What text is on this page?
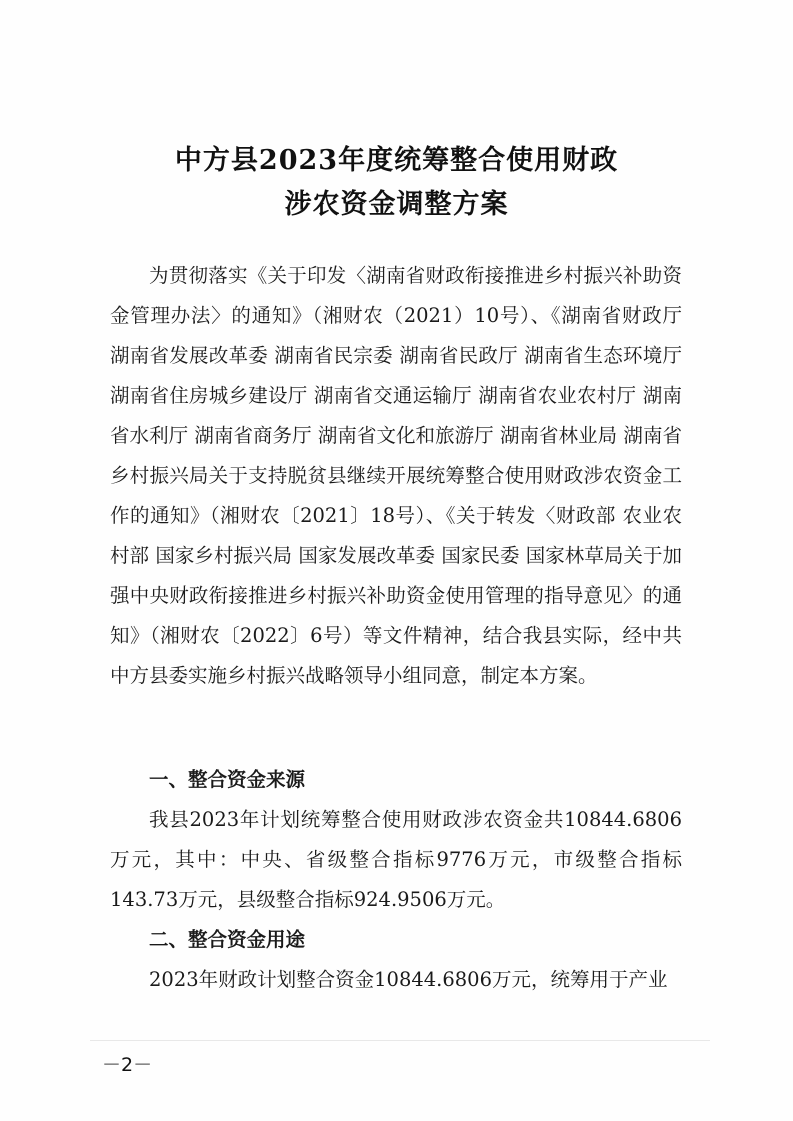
中方县2023年度统筹整合使用财政
涉农资金调整方案

为贯彻落实《关于印发〈湖南省财政衔接推进乡村振兴补助资金管理办法〉的通知》（湘财农（2021）10号）、《湖南省财政厅 湖南省发展改革委 湖南省民宗委 湖南省民政厅 湖南省生态环境厅 湖南省住房城乡建设厅 湖南省交通运输厅 湖南省农业农村厅 湖南省水利厅 湖南省商务厅 湖南省文化和旅游厅 湖南省林业局 湖南省乡村振兴局关于支持脱贫县继续开展统筹整合使用财政涉农资金工作的通知》（湘财农〔2021〕18号）、《关于转发〈财政部 农业农村部 国家乡村振兴局 国家发展改革委 国家民委 国家林草局关于加强中央财政衔接推进乡村振兴补助资金使用管理的指导意见〉的通知》（湘财农〔2022〕6号）等文件精神，结合我县实际，经中共中方县委实施乡村振兴战略领导小组同意，制定本方案。

一、整合资金来源

我县2023年计划统筹整合使用财政涉农资金共10844.6806万元，其中：中央、省级整合指标9776万元，市级整合指标143.73万元，县级整合指标924.9506万元。

二、整合资金用途

2023年财政计划整合资金10844.6806万元，统筹用于产业

－2－
